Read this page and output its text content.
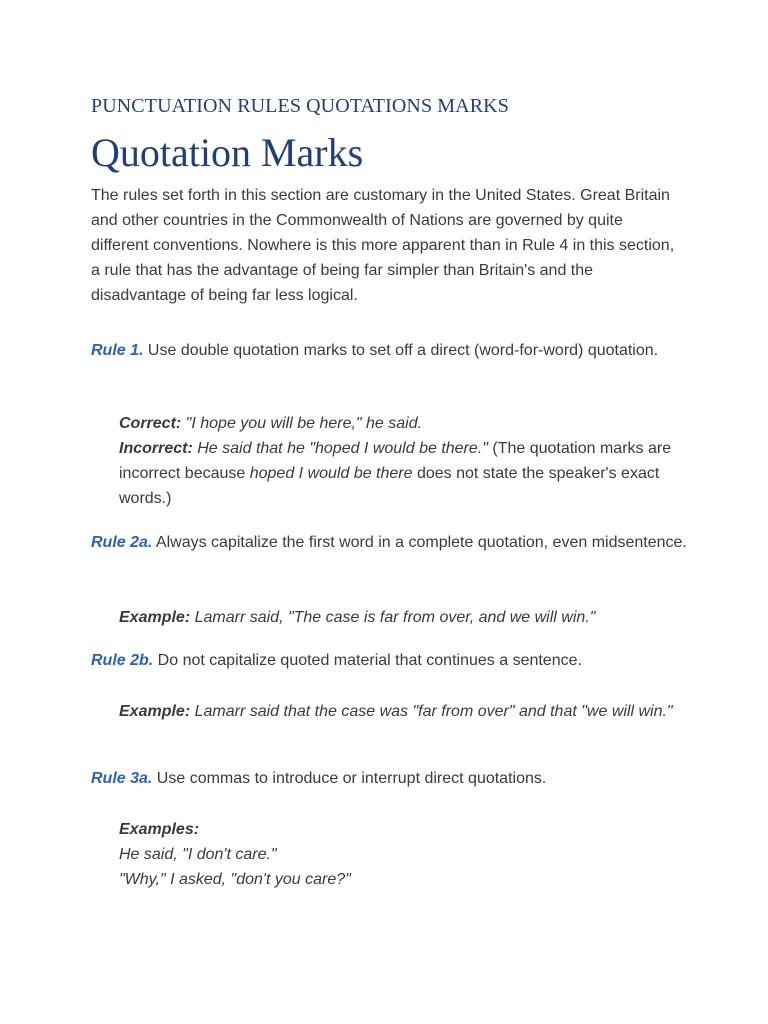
PUNCTUATION RULES QUOTATIONS MARKS

Quotation Marks

The rules set forth in this section are customary in the United States. Great Britain and other countries in the Commonwealth of Nations are governed by quite different conventions. Nowhere is this more apparent than in Rule 4 in this section, a rule that has the advantage of being far simpler than Britain's and the disadvantage of being far less logical.

Rule 1. Use double quotation marks to set off a direct (word-for-word) quotation.

Correct: "I hope you will be here," he said.
Incorrect: He said that he "hoped I would be there." (The quotation marks are incorrect because hoped I would be there does not state the speaker's exact words.)

Rule 2a. Always capitalize the first word in a complete quotation, even midsentence.

Example: Lamarr said, "The case is far from over, and we will win."

Rule 2b. Do not capitalize quoted material that continues a sentence.

Example: Lamarr said that the case was "far from over" and that "we will win."

Rule 3a. Use commas to introduce or interrupt direct quotations.

Examples:
He said, "I don't care."
"Why," I asked, "don't you care?"
